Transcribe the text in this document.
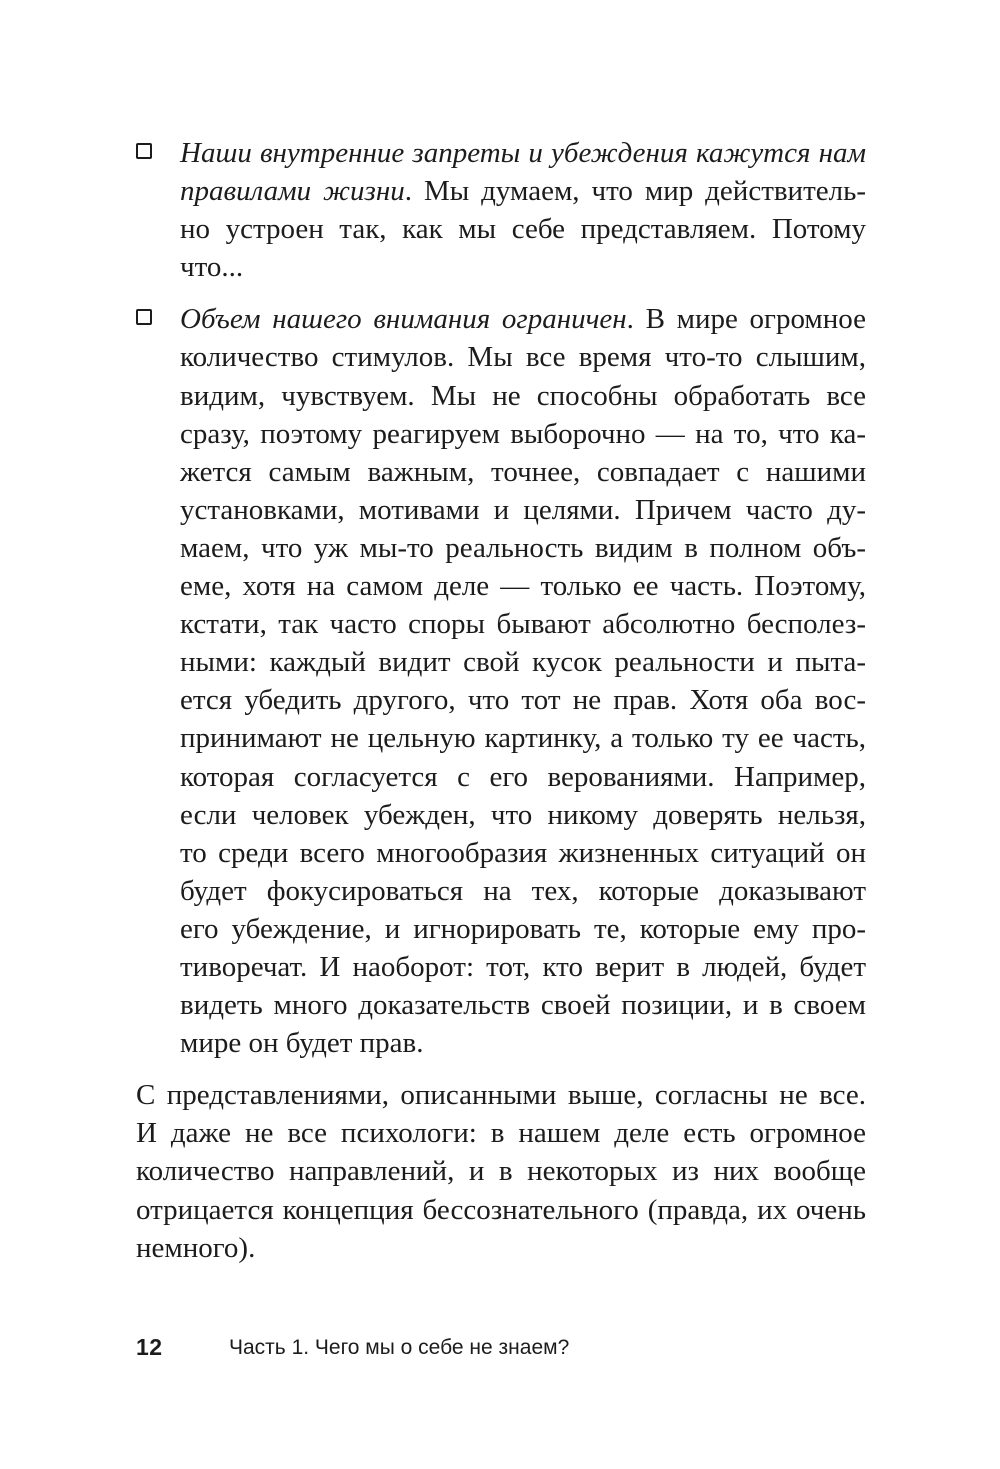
Наши внутренние запреты и убеждения кажутся нам
правилами жизни. Мы думаем, что мир действитель-
но устроен так, как мы себе представляем. Потому
что...
Объем нашего внимания ограничен. В мире огромное
количество стимулов. Мы все время что-то слышим,
видим, чувствуем. Мы не способны обработать все
сразу, поэтому реагируем выборочно — на то, что ка-
жется самым важным, точнее, совпадает с нашими
установками, мотивами и целями. Причем часто ду-
маем, что уж мы-то реальность видим в полном объ-
еме, хотя на самом деле — только ее часть. Поэтому,
кстати, так часто споры бывают абсолютно бесполез-
ными: каждый видит свой кусок реальности и пыта-
ется убедить другого, что тот не прав. Хотя оба вос-
принимают не цельную картинку, а только ту ее часть,
которая согласуется с его верованиями. Например,
если человек убежден, что никому доверять нельзя,
то среди всего многообразия жизненных ситуаций он
будет фокусироваться на тех, которые доказывают
его убеждение, и игнорировать те, которые ему про-
тиворечат. И наоборот: тот, кто верит в людей, будет
видеть много доказательств своей позиции, и в своем
мире он будет прав.
С представлениями, описанными выше, согласны не все.
И даже не все психологи: в нашем деле есть огромное
количество направлений, и в некоторых из них вообще
отрицается концепция бессознательного (правда, их очень
немного).
12	Часть 1. Чего мы о себе не знаем?
